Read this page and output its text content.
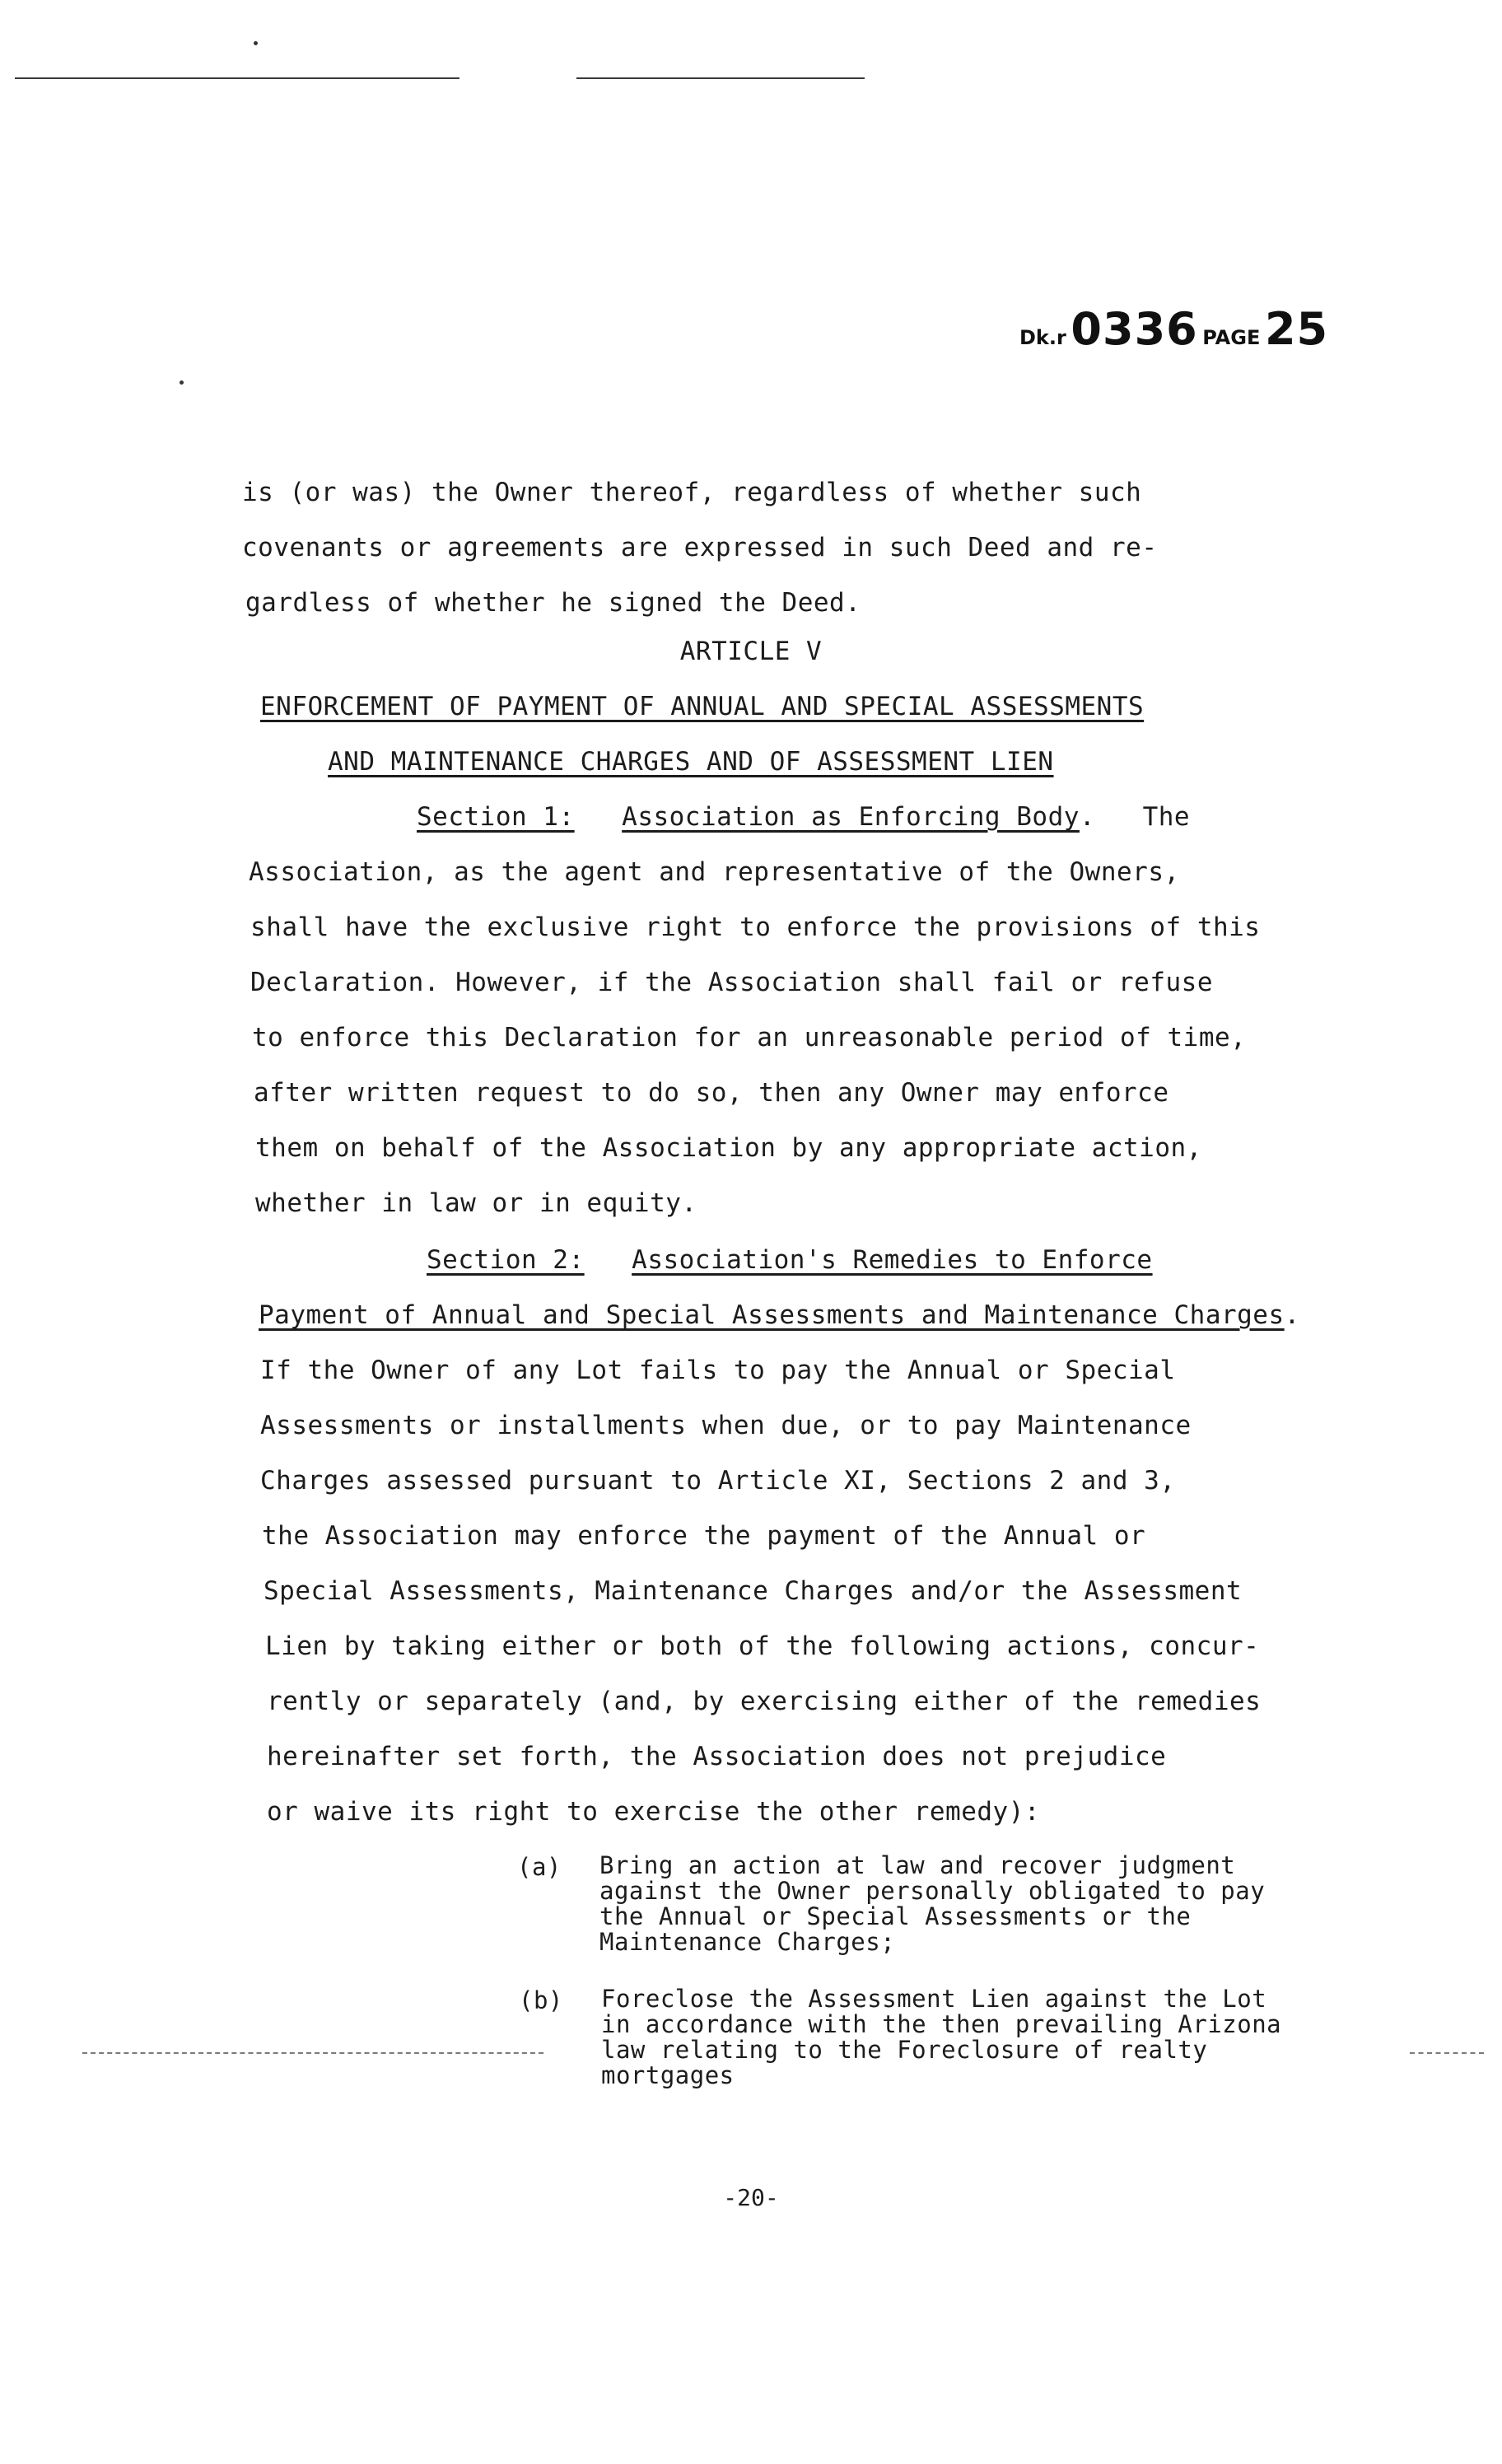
Dk.r 0336 PAGE 25
is (or was) the Owner thereof, regardless of whether such
covenants or agreements are expressed in such Deed and re-
gardless of whether he signed the Deed.
ARTICLE V
ENFORCEMENT OF PAYMENT OF ANNUAL AND SPECIAL ASSESSMENTS
AND MAINTENANCE CHARGES AND OF ASSESSMENT LIEN
Section 1: Association as Enforcing Body.   The
Association, as the agent and representative of the Owners,
shall have the exclusive right to enforce the provisions of this
Declaration. However, if the Association shall fail or refuse
to enforce this Declaration for an unreasonable period of time,
after written request to do so, then any Owner may enforce
them on behalf of the Association by any appropriate action,
whether in law or in equity.
Section 2: Association's Remedies to Enforce
Payment of Annual and Special Assessments and Maintenance Charges.
If the Owner of any Lot fails to pay the Annual or Special
Assessments or installments when due, or to pay Maintenance
Charges assessed pursuant to Article XI, Sections 2 and 3,
the Association may enforce the payment of the Annual or
Special Assessments, Maintenance Charges and/or the Assessment
Lien by taking either or both of the following actions, concur-
rently or separately (and, by exercising either of the remedies
hereinafter set forth, the Association does not prejudice
or waive its right to exercise the other remedy):
(a) Bring an action at law and recover judgment against the Owner personally obligated to pay the Annual or Special Assessments or the Maintenance Charges;
(b) Foreclose the Assessment Lien against the Lot in accordance with the then prevailing Arizona law relating to the Foreclosure of realty mortgages
-20-
